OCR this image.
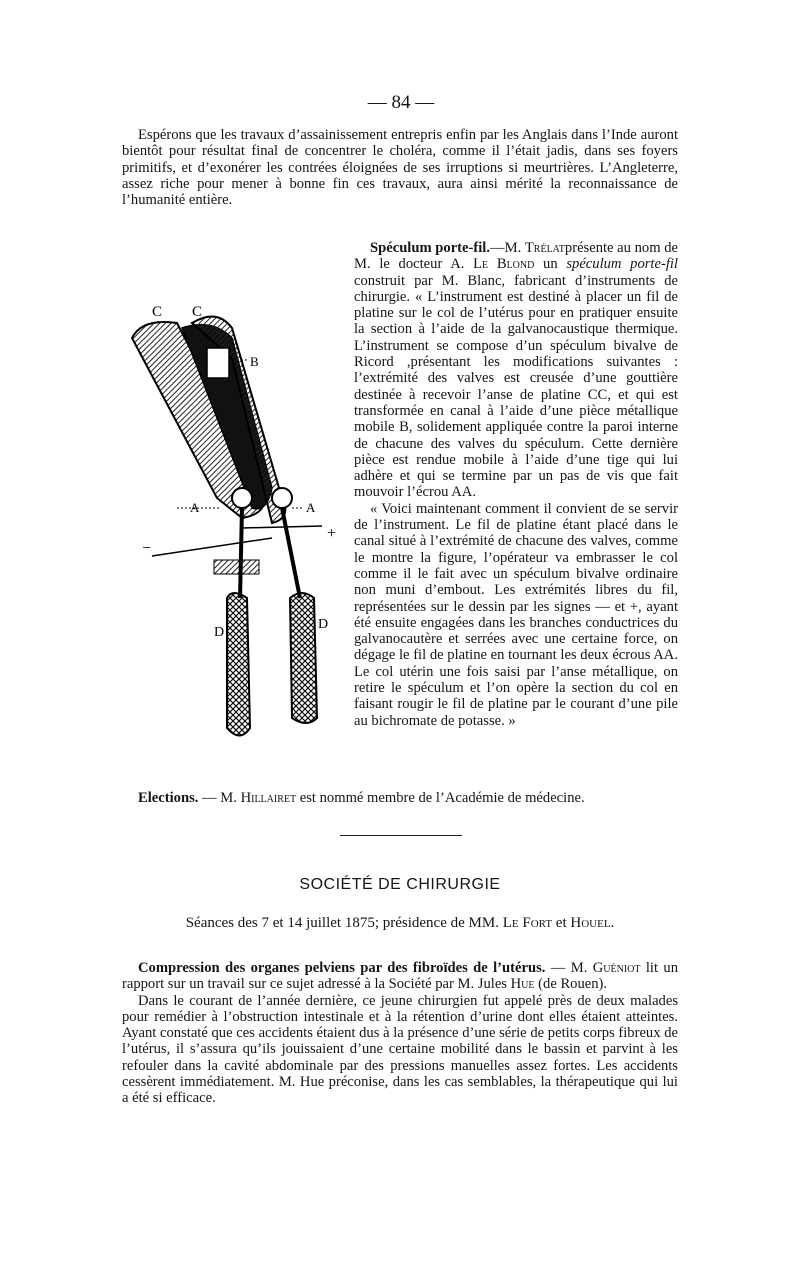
— 84 —

Espérons que les travaux d’assainissement entrepris enfin par les Anglais dans l’Inde auront bientôt pour résultat final de concentrer le choléra, comme il l’était jadis, dans ses foyers primitifs, et d’exonérer les contrées éloignées de ses irruptions si meurtrières. L’Angleterre, assez riche pour mener à bonne fin ces travaux, aura ainsi mérité la reconnaissance de l’humanité entière.

Spéculum porte-fil.—M. Trélatprésente au nom de M. le docteur A. Le Blond un spéculum porte-fil construit par M. Blanc, fabricant d’instruments de chirurgie. « L’instrument est destiné à placer un fil de platine sur le col de l’utérus pour en pratiquer ensuite la section à l’aide de la galvanocaustique thermique. L’instrument se compose d’un spéculum bivalve de Ricord ,présentant les modifications suivantes : l’extrémité des valves est creusée d’une gouttière destinée à recevoir l’anse de platine CC, et qui est transformée en canal à l’aide d’une pièce métallique mobile B, solidement appliquée contre la paroi interne de chacune des valves du spéculum. Cette dernière pièce est rendue mobile à l’aide d’une tige qui lui adhère et qui se termine par un pas de vis que fait mouvoir l’écrou AA.

« Voici maintenant comment il convient de se servir de l’instrument. Le fil de platine étant placé dans le canal situé à l’extrémité de chacune des valves, comme le montre la figure, l’opérateur va embrasser le col comme il le fait avec un spéculum bivalve ordinaire non muni d’embout. Les extrémités libres du fil, représentées sur le dessin par les signes — et +, ayant été ensuite engagées dans les branches conductrices du galvanocautère et serrées avec une certaine force, on dégage le fil de platine en tournant les deux écrous AA. Le col utérin une fois saisi par l’anse métallique, on retire le spéculum et l’on opère la section du col en faisant rougir le fil de platine par le courant d’une pile au bichromate de potasse. »

C C
B
A	A
D
D
−
+

Elections. — M. Hillairet est nommé membre de l’Académie de médecine.

SOCIÉTÉ DE CHIRURGIE
Séances des 7 et 14 juillet 1875; présidence de MM. Le Fort et Houel.

Compression des organes pelviens par des fibroïdes de l’utérus. — M. Guéniot lit un rapport sur un travail sur ce sujet adressé à la Société par M. Jules Hue (de Rouen).

Dans le courant de l’année dernière, ce jeune chirurgien fut appelé près de deux malades pour remédier à l’obstruction intestinale et à la rétention d’urine dont elles étaient atteintes. Ayant constaté que ces accidents étaient dus à la présence d’une série de petits corps fibreux de l’utérus, il s’assura qu’ils jouissaient d’une certaine mobilité dans le bassin et parvint à les refouler dans la cavité abdominale par des pressions manuelles assez fortes. Les accidents cessèrent immédiatement. M. Hue préconise, dans les cas semblables, la thérapeutique qui lui a été si efficace.
